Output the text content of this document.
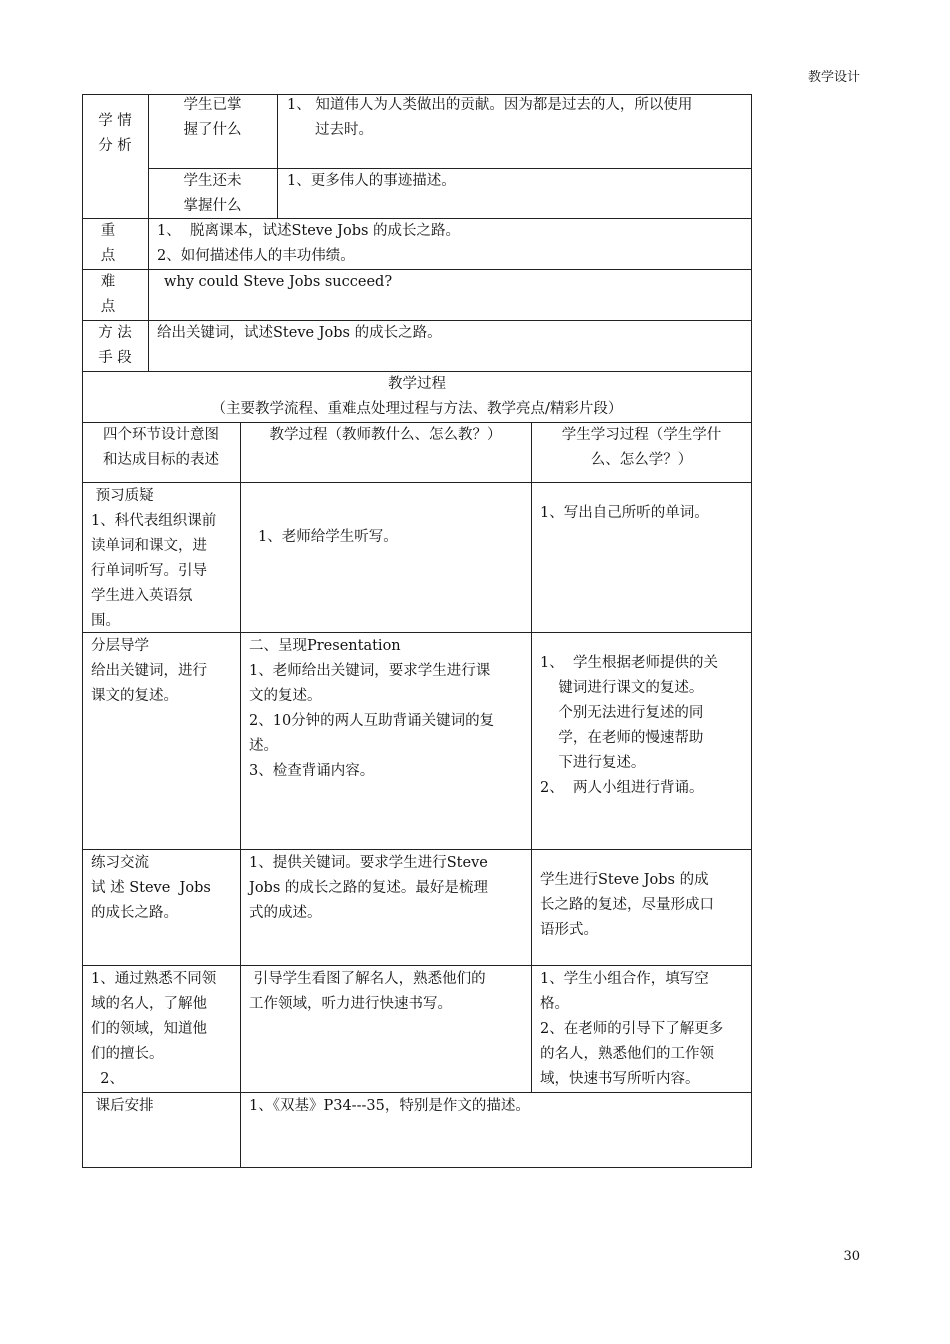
教学设计
学 情
分 析
学生已掌
握了什么
1、 知道伟人为人类做出的贡献。因为都是过去的人，所以使用
过去时。
学生还未
掌握什么
1、更多伟人的事迹描述。
重
点
1、  脱离课本，试述Steve Jobs 的成长之路。
2、如何描述伟人的丰功伟绩。
难
点
why could Steve Jobs succeed?
方 法
手 段
给出关键词，试述Steve Jobs 的成长之路。
教学过程
（主要教学流程、重难点处理过程与方法、教学亮点/精彩片段）
四个环节设计意图
和达成目标的表述
教学过程（教师教什么、怎么教？）	学生学习过程（学生学什
么、怎么学？）
预习质疑
1、科代表组织课前
读单词和课文，进
行单词听写。引导
学生进入英语氛
围。
1、老师给学生听写。
1、写出自己所听的单词。
分层导学
给出关键词，进行
课文的复述。
二、呈现Presentation
1、老师给出关键词，要求学生进行课
文的复述。
2、10分钟的两人互助背诵关键词的复
述。
3、检查背诵内容。
1、  学生根据老师提供的关
键词进行课文的复述。
个别无法进行复述的同
学，在老师的慢速帮助
下进行复述。
2、  两人小组进行背诵。
练习交流
试 述 Steve  Jobs
的成长之路。
1、提供关键词。要求学生进行Steve
Jobs 的成长之路的复述。最好是梳理
式的成述。
学生进行Steve Jobs 的成
长之路的复述，尽量形成口
语形式。
1、通过熟悉不同领
域的名人，了解他
们的领域，知道他
们的擅长。
2、
引导学生看图了解名人，熟悉他们的
工作领域，听力进行快速书写。
1、学生小组合作，填写空
格。
2、在老师的引导下了解更多
的名人，熟悉他们的工作领
域，快速书写所听内容。
课后安排	1、《双基》P34---35，特别是作文的描述。
30
